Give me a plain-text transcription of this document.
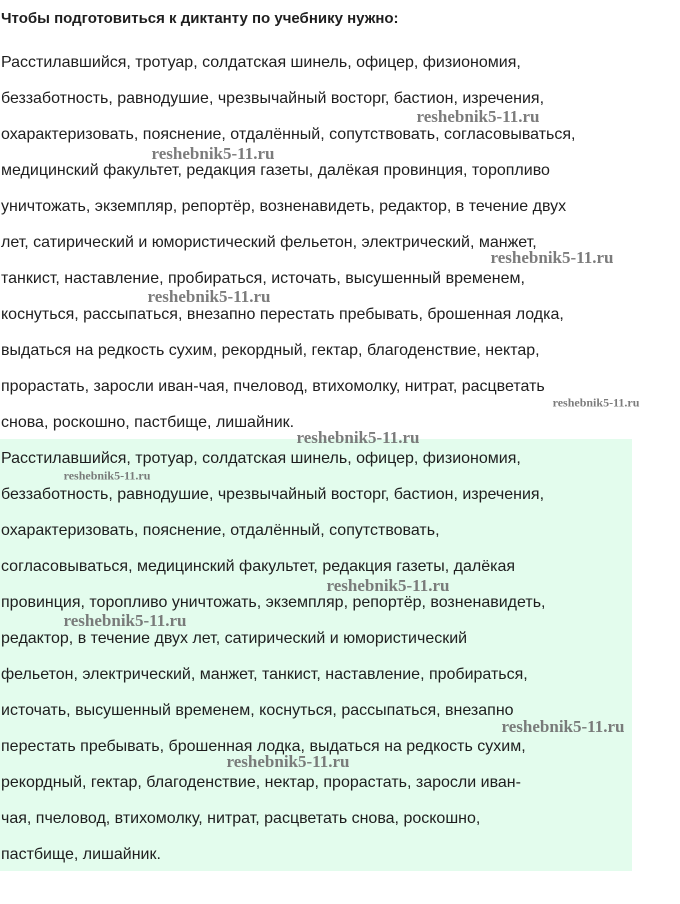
Чтобы подготовиться к диктанту по учебнику нужно:
Расстилавшийся, тротуар, солдатская шинель, офицер, физиономия,
беззаботность, равнодушие, чрезвычайный восторг, бастион, изречения,
охарактеризовать, пояснение, отдалённый, сопутствовать, согласовываться,
медицинский факультет, редакция газеты, далёкая провинция, торопливо
уничтожать, экземпляр, репортёр, возненавидеть, редактор, в течение двух
лет, сатирический и юмористический фельетон, электрический, манжет,
танкист, наставление, пробираться, источать, высушенный временем,
коснуться, рассыпаться, внезапно перестать пребывать, брошенная лодка,
выдаться на редкость сухим, рекордный, гектар, благоденствие, нектар,
прорастать, заросли иван-чая, пчеловод, втихомолку, нитрат, расцветать
снова, роскошно, пастбище, лишайник.
Расстилавшийся, тротуар, солдатская шинель, офицер, физиономия,
беззаботность, равнодушие, чрезвычайный восторг, бастион, изречения,
охарактеризовать, пояснение, отдалённый, сопутствовать,
согласовываться, медицинский факультет, редакция газеты, далёкая
провинция, торопливо уничтожать, экземпляр, репортёр, возненавидеть,
редактор, в течение двух лет, сатирический и юмористический
фельетон, электрический, манжет, танкист, наставление, пробираться,
источать, высушенный временем, коснуться, рассыпаться, внезапно
перестать пребывать, брошенная лодка, выдаться на редкость сухим,
рекордный, гектар, благоденствие, нектар, прорастать, заросли иван-
чая, пчеловод, втихомолку, нитрат, расцветать снова, роскошно,
пастбище, лишайник.
reshebnik5-11.ru
reshebnik5-11.ru
reshebnik5-11.ru
reshebnik5-11.ru
reshebnik5-11.ru
reshebnik5-11.ru
reshebnik5-11.ru
reshebnik5-11.ru
reshebnik5-11.ru
reshebnik5-11.ru
reshebnik5-11.ru
